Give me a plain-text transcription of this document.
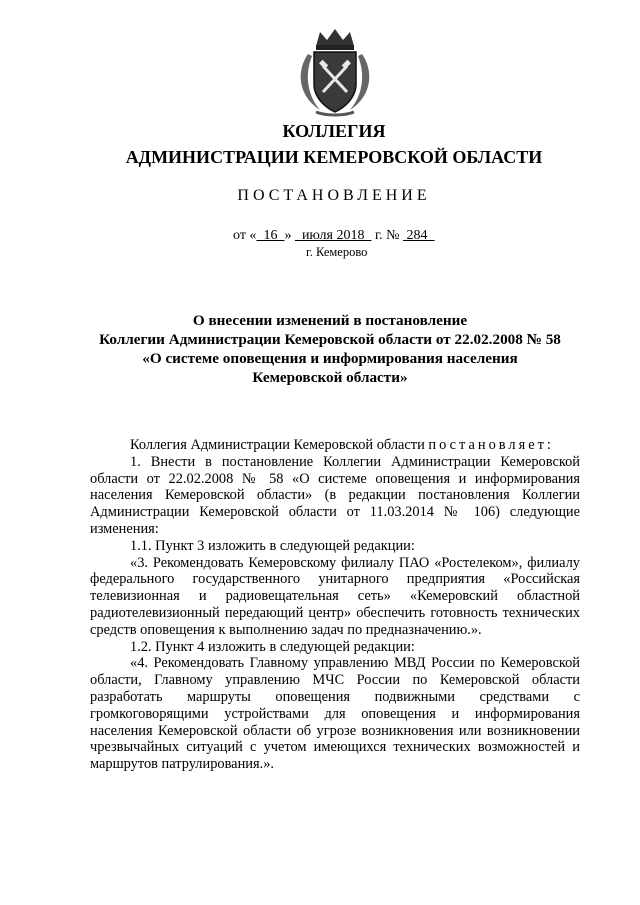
КОЛЛЕГИЯ
АДМИНИСТРАЦИИ КЕМЕРОВСКОЙ ОБЛАСТИ
ПОСТАНОВЛЕНИЕ
от « 16 » июля 2018 г. № 284
г. Кемерово
О внесении изменений в постановление
Коллегии Администрации Кемеровской области от 22.02.2008 № 58
«О системе оповещения и информирования населения
Кемеровской области»

Коллегия Администрации Кемеровской области постановляет:

1. Внести в постановление Коллегии Администрации Кемеровской области от 22.02.2008 № 58 «О системе оповещения и информирования населения Кемеровской области» (в редакции постановления Коллегии Администрации Кемеровской области от 11.03.2014 № 106) следующие изменения:

1.1. Пункт 3 изложить в следующей редакции:

«3. Рекомендовать Кемеровскому филиалу ПАО «Ростелеком», филиалу федерального государственного унитарного предприятия «Российская телевизионная и радиовещательная сеть» «Кемеровский областной радиотелевизионный передающий центр» обеспечить готовность технических средств оповещения к выполнению задач по предназначению.».

1.2. Пункт 4 изложить в следующей редакции:

«4. Рекомендовать Главному управлению МВД России по Кемеровской области, Главному управлению МЧС России по Кемеровской области разработать маршруты оповещения подвижными средствами с громкоговорящими устройствами для оповещения и информирования населения Кемеровской области об угрозе возникновения или возникновении чрезвычайных ситуаций с учетом имеющихся технических возможностей и маршрутов патрулирования.».
